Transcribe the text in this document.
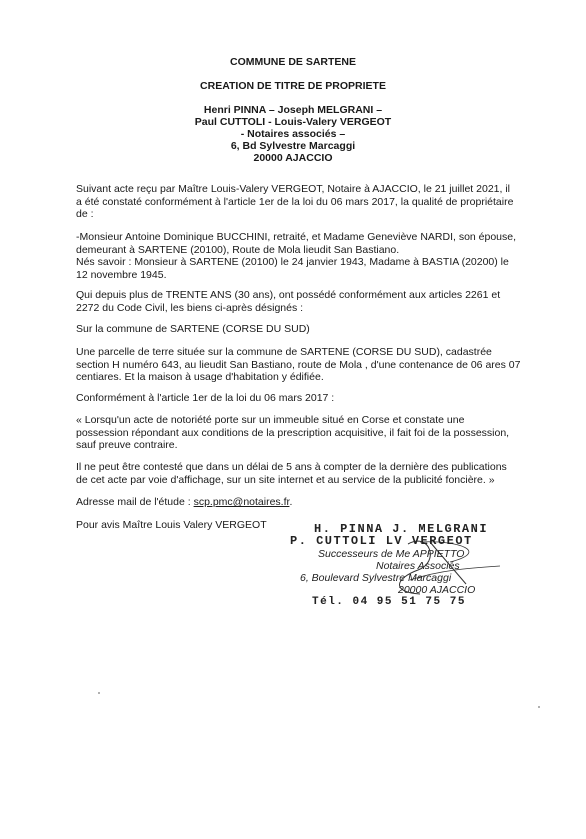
COMMUNE DE SARTENE
CREATION DE TITRE DE PROPRIETE
Henri PINNA – Joseph MELGRANI –
Paul CUTTOLI - Louis-Valery VERGEOT
- Notaires associés –
6, Bd Sylvestre Marcaggi
20000 AJACCIO
Suivant acte reçu par Maître Louis-Valery VERGEOT, Notaire à AJACCIO, le 21 juillet 2021, il
a été constaté conformément à l'article 1er de la loi du 06 mars 2017, la qualité de propriétaire
de :
-Monsieur Antoine Dominique BUCCHINI, retraité, et Madame Geneviève NARDI, son épouse,
demeurant à SARTENE (20100), Route de Mola lieudit San Bastiano.
Nés savoir : Monsieur à SARTENE (20100) le 24 janvier 1943, Madame à BASTIA (20200) le
12 novembre 1945.
Qui depuis plus de TRENTE ANS (30 ans), ont possédé conformément aux articles 2261 et
2272 du Code Civil, les biens ci-après désignés :
Sur la commune de SARTENE (CORSE DU SUD)
Une parcelle de terre située sur la commune de SARTENE (CORSE DU SUD), cadastrée
section H numéro 643, au lieudit San Bastiano, route de Mola , d'une contenance de 06 ares 07
centiares. Et la maison à usage d'habitation y édifiée.
Conformément à l'article 1er de la loi du 06 mars 2017 :
« Lorsqu'un acte de notoriété porte sur un immeuble situé en Corse et constate une
possession répondant aux conditions de la prescription acquisitive, il fait foi de la possession,
sauf preuve contraire.
Il ne peut être contesté que dans un délai de 5 ans à compter de la dernière des publications
de cet acte par voie d'affichage, sur un site internet et au service de la publicité foncière. »
Adresse mail de l'étude : scp.pmc@notaires.fr.
Pour avis Maître Louis Valery VERGEOT	H. PINNA J. MELGRANI
P. CUTTOLI LV VERGEOT
Successeurs de Me APPIETTO
Notaires Associés
6, Boulevard Sylvestre Marcaggi
20000 AJACCIO
Tél. 04 95 51 75 75
